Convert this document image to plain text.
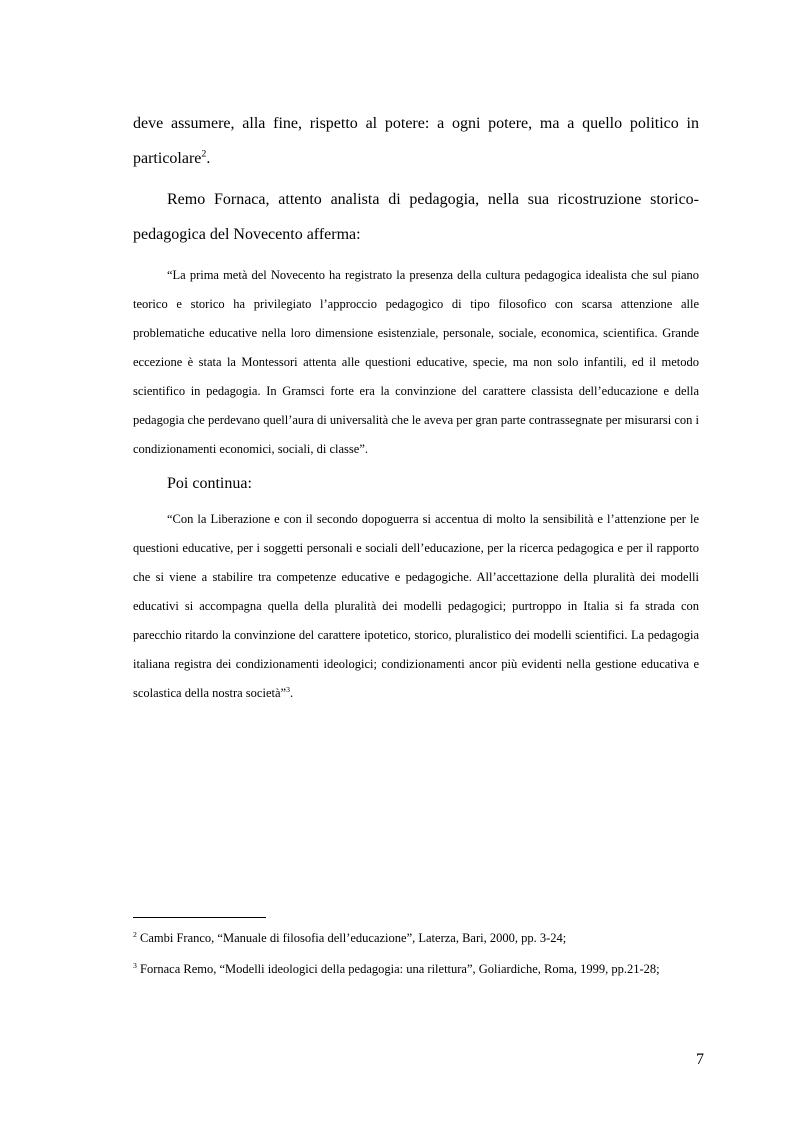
deve assumere, alla fine, rispetto al potere: a ogni potere, ma a quello politico in particolare$^2$.

Remo Fornaca, attento analista di pedagogia, nella sua ricostruzione storico-pedagogica del Novecento afferma:

“La prima metà del Novecento ha registrato la presenza della cultura pedagogica idealista che sul piano teorico e storico ha privilegiato l’approccio pedagogico di tipo filosofico con scarsa attenzione alle problematiche educative nella loro dimensione esistenziale, personale, sociale, economica, scientifica. Grande eccezione è stata la Montessori attenta alle questioni educative, specie, ma non solo infantili, ed il metodo scientifico in pedagogia. In Gramsci forte era la convinzione del carattere classista dell’educazione e della pedagogia che perdevano quell’aura di universalità che le aveva per gran parte contrassegnate per misurarsi con i condizionamenti economici, sociali, di classe”.

Poi continua:

“Con la Liberazione e con il secondo dopoguerra si accentua di molto la sensibilità e l’attenzione per le questioni educative, per i soggetti personali e sociali dell’educazione, per la ricerca pedagogica e per il rapporto che si viene a stabilire tra competenze educative e pedagogiche. All’accettazione della pluralità dei modelli educativi si accompagna quella della pluralità dei modelli pedagogici; purtroppo in Italia si fa strada con parecchio ritardo la convinzione del carattere ipotetico, storico, pluralistico dei modelli scientifici. La pedagogia italiana registra dei condizionamenti ideologici; condizionamenti ancor più evidenti nella gestione educativa e scolastica della nostra società”$^3$.

$^2$ Cambi Franco, “Manuale di filosofia dell’educazione”, Laterza, Bari, 2000, pp. 3-24;

$^3$ Fornaca Remo, “Modelli ideologici della pedagogia: una rilettura”, Goliardiche, Roma, 1999, pp.21-28;

7
